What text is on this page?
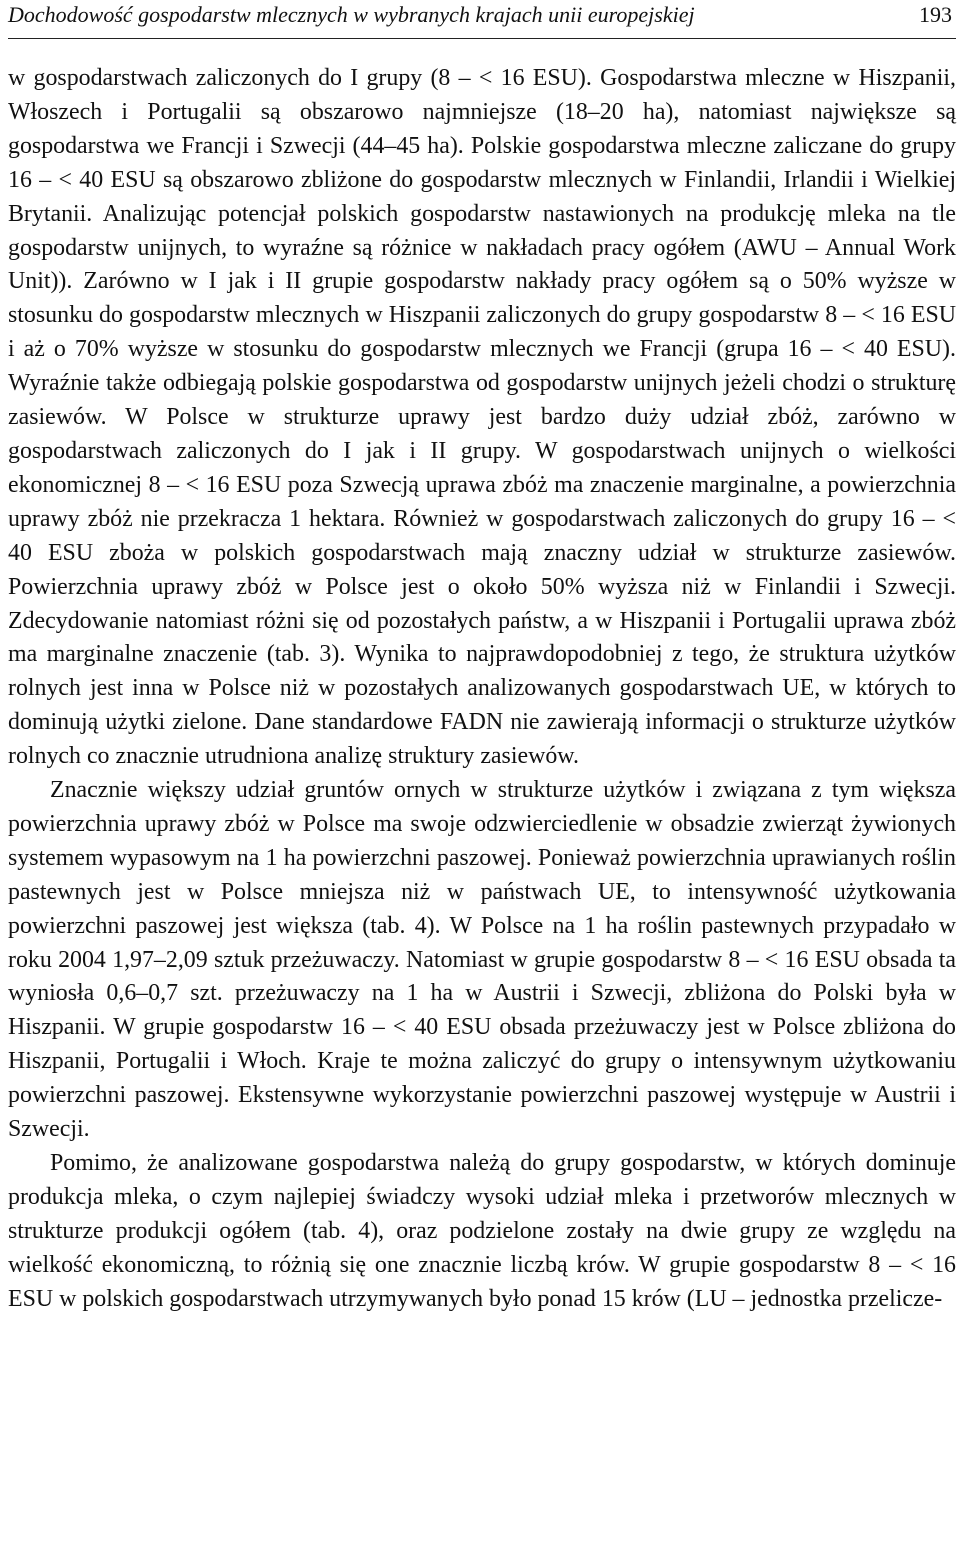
Dochodowość gospodarstw mlecznych w wybranych krajach unii europejskiej	193

w gospodarstwach zaliczonych do I grupy (8 – < 16 ESU). Gospodarstwa mleczne w Hiszpanii, Włoszech i Portugalii są obszarowo najmniejsze (18–20 ha), natomiast największe są gospodarstwa we Francji i Szwecji (44–45 ha). Polskie gospodarstwa mleczne zaliczane do grupy 16 – < 40 ESU są obszarowo zbliżone do gospodarstw mlecznych w Finlandii, Irlandii i Wielkiej Brytanii. Analizując potencjał polskich gospodarstw nastawionych na produkcję mleka na tle gospodarstw unijnych, to wyraźne są różnice w nakładach pracy ogółem (AWU – Annual Work Unit)). Zarówno w I jak i II grupie gospodarstw nakłady pracy ogółem są o 50% wyższe w stosunku do gospodarstw mlecznych w Hiszpanii zaliczonych do grupy gospodarstw 8 – < 16 ESU i aż o 70% wyższe w stosunku do gospodarstw mlecznych we Francji (grupa 16 – < 40 ESU). Wyraźnie także odbiegają polskie gospodarstwa od gospodarstw unijnych jeżeli chodzi o strukturę zasiewów. W Polsce w strukturze uprawy jest bardzo duży udział zbóż, zarówno w gospodarstwach zaliczonych do I jak i II grupy. W gospodarstwach unijnych o wielkości ekonomicznej 8 – < 16 ESU poza Szwecją uprawa zbóż ma znaczenie marginalne, a powierzchnia uprawy zbóż nie przekracza 1 hektara. Również w gospodarstwach zaliczonych do grupy 16 – < 40 ESU zboża w polskich gospodarstwach mają znaczny udział w strukturze zasiewów. Powierzchnia uprawy zbóż w Polsce jest o około 50% wyższa niż w Finlandii i Szwecji. Zdecydowanie natomiast różni się od pozostałych państw, a w Hiszpanii i Portugalii uprawa zbóż ma marginalne znaczenie (tab. 3). Wynika to najprawdopodobniej z tego, że struktura użytków rolnych jest inna w Polsce niż w pozostałych analizowanych gospodarstwach UE, w których to dominują użytki zielone. Dane standardowe FADN nie zawierają informacji o strukturze użytków rolnych co znacznie utrudniona analizę struktury zasiewów.

Znacznie większy udział gruntów ornych w strukturze użytków i związana z tym większa powierzchnia uprawy zbóż w Polsce ma swoje odzwierciedlenie w obsadzie zwierząt żywionych systemem wypasowym na 1 ha powierzchni paszowej. Ponieważ powierzchnia uprawianych roślin pastewnych jest w Polsce mniejsza niż w państwach UE, to intensywność użytkowania powierzchni paszowej jest większa (tab. 4). W Polsce na 1 ha roślin pastewnych przypadało w roku 2004 1,97–2,09 sztuk przeżuwaczy. Natomiast w grupie gospodarstw 8 – < 16 ESU obsada ta wyniosła 0,6–0,7 szt. przeżuwaczy na 1 ha w Austrii i Szwecji, zbliżona do Polski była w Hiszpanii. W grupie gospodarstw 16 – < 40 ESU obsada przeżuwaczy jest w Polsce zbliżona do Hiszpanii, Portugalii i Włoch. Kraje te można zaliczyć do grupy o intensywnym użytkowaniu powierzchni paszowej. Ekstensywne wykorzystanie powierzchni paszowej występuje w Austrii i Szwecji.

Pomimo, że analizowane gospodarstwa należą do grupy gospodarstw, w których dominuje produkcja mleka, o czym najlepiej świadczy wysoki udział mleka i przetworów mlecznych w strukturze produkcji ogółem (tab. 4), oraz podzielone zostały na dwie grupy ze względu na wielkość ekonomiczną, to różnią się one znacznie liczbą krów. W grupie gospodarstw 8 – < 16 ESU w polskich gospodarstwach utrzymywanych było ponad 15 krów (LU – jednostka przelicze-
